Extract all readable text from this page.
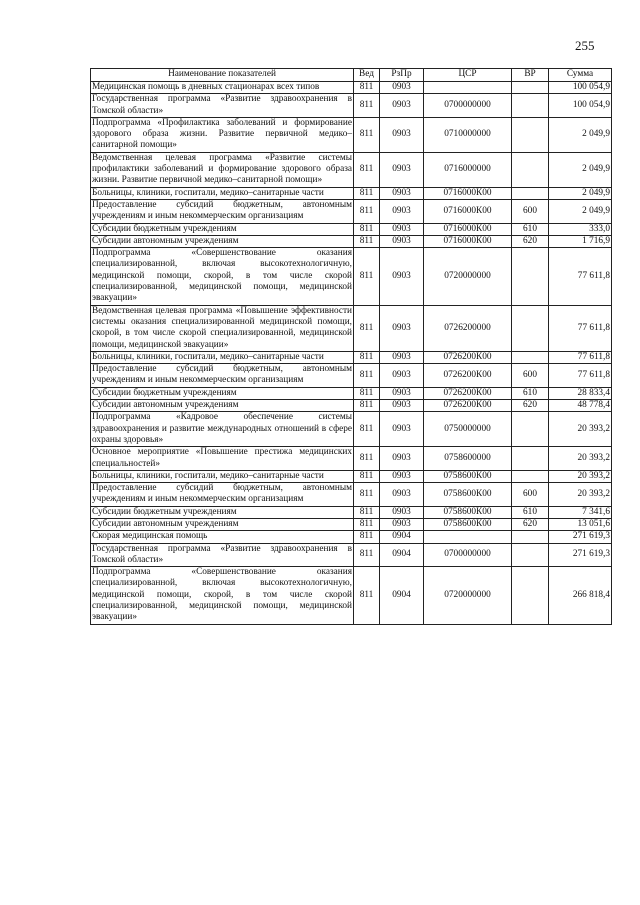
255
Наименование показателей	Вед	РзПр	ЦСР	ВР	Сумма
Медицинская помощь в дневных стационарах всех типов	811	0903			100 054,9
Государственная программа «Развитие здравоохранения в Томской области»	811	0903	0700000000		100 054,9
Подпрограмма «Профилактика заболеваний и формирование здорового образа жизни. Развитие первичной медико–санитарной помощи»	811	0903	0710000000		2 049,9
Ведомственная целевая программа «Развитие системы профилактики заболеваний и формирование здорового образа жизни. Развитие первичной медико–санитарной помощи»	811	0903	0716000000		2 049,9
Больницы, клиники, госпитали, медико–санитарные части	811	0903	0716000К00		2 049,9
Предоставление субсидий бюджетным, автономным учреждениям и иным некоммерческим организациям	811	0903	0716000К00	600	2 049,9
Субсидии бюджетным учреждениям	811	0903	0716000К00	610	333,0
Субсидии автономным учреждениям	811	0903	0716000К00	620	1 716,9
Подпрограмма «Совершенствование оказания специализированной, включая высокотехнологичную, медицинской помощи, скорой, в том числе скорой специализированной, медицинской помощи, медицинской эвакуации»	811	0903	0720000000		77 611,8
Ведомственная целевая программа «Повышение эффективности системы оказания специализированной медицинской помощи, скорой, в том числе скорой специализированной, медицинской помощи, медицинской эвакуации»	811	0903	0726200000		77 611,8
Больницы, клиники, госпитали, медико–санитарные части	811	0903	0726200К00		77 611,8
Предоставление субсидий бюджетным, автономным учреждениям и иным некоммерческим организациям	811	0903	0726200К00	600	77 611,8
Субсидии бюджетным учреждениям	811	0903	0726200К00	610	28 833,4
Субсидии автономным учреждениям	811	0903	0726200К00	620	48 778,4
Подпрограмма «Кадровое обеспечение системы здравоохранения и развитие международных отношений в сфере охраны здоровья»	811	0903	0750000000		20 393,2
Основное мероприятие «Повышение престижа медицинских специальностей»	811	0903	0758600000		20 393,2
Больницы, клиники, госпитали, медико–санитарные части	811	0903	0758600К00		20 393,2
Предоставление субсидий бюджетным, автономным учреждениям и иным некоммерческим организациям	811	0903	0758600К00	600	20 393,2
Субсидии бюджетным учреждениям	811	0903	0758600К00	610	7 341,6
Субсидии автономным учреждениям	811	0903	0758600К00	620	13 051,6
Скорая медицинская помощь	811	0904			271 619,3
Государственная программа «Развитие здравоохранения в Томской области»	811	0904	0700000000		271 619,3
Подпрограмма «Совершенствование оказания специализированной, включая высокотехнологичную, медицинской помощи, скорой, в том числе скорой специализированной, медицинской помощи, медицинской эвакуации»	811	0904	0720000000		266 818,4
